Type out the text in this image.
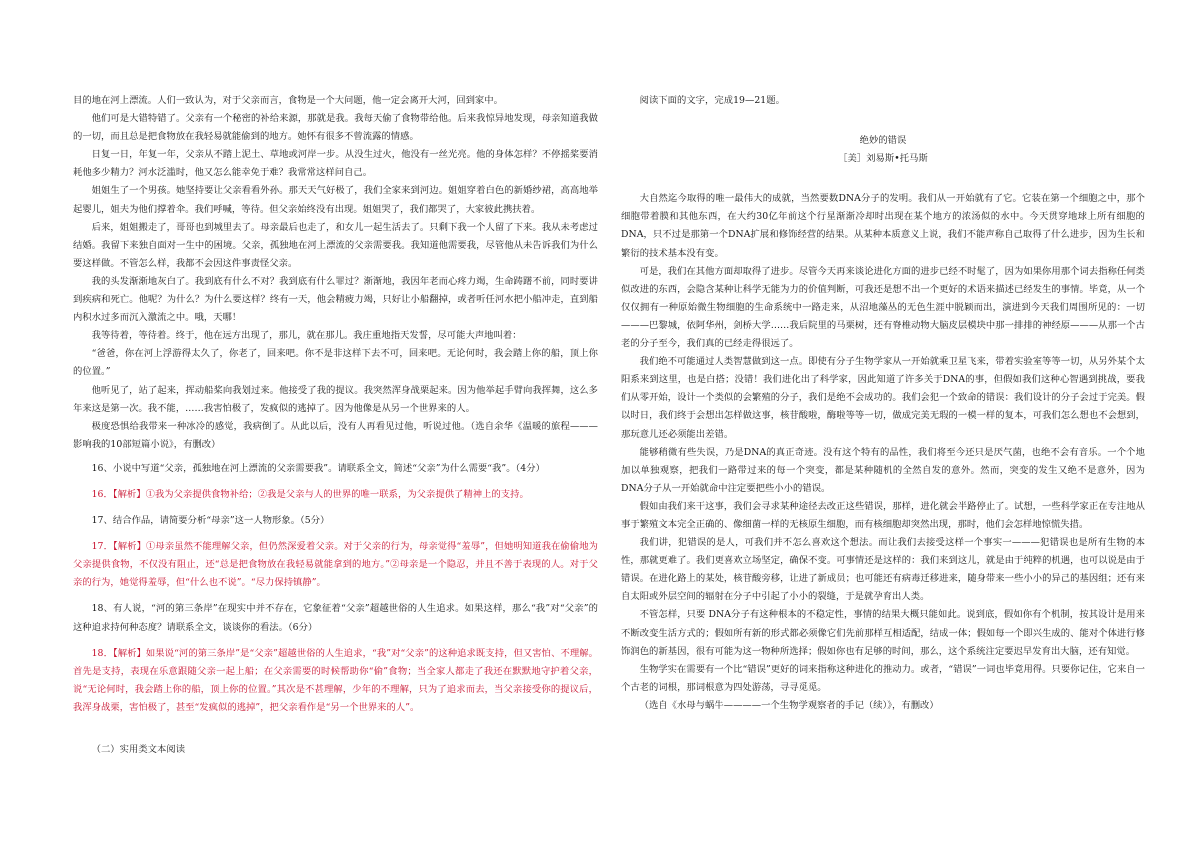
目的地在河上漂流。人们一致认为，对于父亲而言，食物是一个大问题，他一定会离开大河，回到家中。

他们可是大错特错了。父亲有一个秘密的补给来源，那就是我。我每天偷了食物带给他。后来我惊异地发现，母亲知道我做的一切，而且总是把食物放在我轻易就能偷到的地方。她怀有很多不曾流露的情感。

日复一日，年复一年，父亲从不踏上泥土、草地或河岸一步。从没生过火，他没有一丝光亮。他的身体怎样？不停摇桨要消耗他多少精力？河水泛滥时，他又怎么能幸免于难？我常常这样问自己。

姐姐生了一个男孩。她坚持要让父亲看看外孙。那天天气好极了，我们全家来到河边。姐姐穿着白色的新婚纱裙，高高地举起婴儿，姐夫为他们撑着伞。我们呼喊，等待。但父亲始终没有出现。姐姐哭了，我们都哭了，大家彼此携扶着。

后来，姐姐搬走了，哥哥也到城里去了。母亲最后也走了，和女儿一起生活去了。只剩下我一个人留了下来。我从未考虑过结婚。我留下来独自面对一生中的困境。父亲，孤独地在河上漂流的父亲需要我。我知道他需要我，尽管他从未告诉我们为什么要这样做。不管怎么样，我都不会因这件事责怪父亲。

我的头发渐渐地灰白了。我到底有什么不对？我到底有什么罪过？渐渐地，我因年老而心疼力竭，生命踌躇不前，同时要讲到疾病和死亡。他呢？为什么？为什么要这样？终有一天，他会精疲力竭，只好让小船翻掉，或者听任河水把小船冲走，直到船内积水过多而沉入激流之中。哦，天哪！

我等待着，等待着。终于，他在远方出现了，那儿，就在那儿。我庄重地指天发誓，尽可能大声地叫着：

“爸爸，你在河上浮游得太久了，你老了，回来吧。你不是非这样下去不可，回来吧。无论何时，我会踏上你的船，顶上你的位置。”

他听见了，站了起来，挥动船桨向我划过来。他接受了我的提议。我突然浑身战栗起来。因为他举起手臂向我挥舞，这么多年来这是第一次。我不能，……我害怕极了，发疯似的逃掉了。因为他像是从另一个世界来的人。

极度恐惧给我带来一种冰冷的感觉，我病倒了。从此以后，没有人再看见过他，听说过他。（选自余华《温暖的旅程———影响我的10部短篇小说》，有删改）

16、小说中写道“父亲，孤独地在河上漂流的父亲需要我”。请联系全文，简述“父亲”为什么需要“我”。（4分）

16．【解析】①我为父亲提供食物补给；②我是父亲与人的世界的唯一联系，为父亲提供了精神上的支持。

17、结合作品，请简要分析“母亲”这一人物形象。（5分）

17．【解析】①母亲虽然不能理解父亲，但仍然深爱着父亲。对于父亲的行为，母亲觉得“羞辱”，但她明知道我在偷偷地为父亲提供食物，不仅没有阻止，还“总是把食物放在我轻易就能拿到的地方。”②母亲是一个隐忍，并且不善于表现的人。对于父亲的行为，她觉得羞辱，但“什么也不说”。“尽力保持镇静”。

18、有人说，“河的第三条岸”在现实中并不存在，它象征着“父亲”超越世俗的人生追求。如果这样，那么“我”对“父亲”的这种追求持何种态度？请联系全文，谈谈你的看法。（6分）

18．【解析】如果说“河的第三条岸”是“父亲”超越世俗的人生追求，“我”对“父亲”的这种追求既支持，但又害怕、不理解。首先是支持，表现在乐意跟随父亲一起上船；在父亲需要的时候帮助你“偷”食物；当全家人都走了我还在默默地守护着父亲，说“无论何时，我会踏上你的船，顶上你的位置。”其次是不甚理解，少年的不理解，只为了追求而去，当父亲接受你的提议后，我浑身战栗，害怕极了，甚至“发疯似的逃掉”，把父亲看作是“另一个世界来的人”。

（二）实用类文本阅读

阅读下面的文字，完成19—21题。

绝妙的错误

［美］刘易斯•托马斯

大自然迄今取得的唯一最伟大的成就，当然要数DNA分子的发明。我们从一开始就有了它。它装在第一个细胞之中，那个细胞带着膜和其他东西，在大约30亿年前这个行星渐渐冷却时出现在某个地方的浓汤似的水中。今天贯穿地球上所有细胞的DNA，只不过是那第一个DNA扩展和修饰经营的结果。从某种本质意义上说，我们不能声称自己取得了什么进步，因为生长和繁衍的技术基本没有变。

可是，我们在其他方面却取得了进步。尽管今天再来谈论进化方面的进步已经不时髦了，因为如果你用那个词去指称任何类似改进的东西，会隐含某种让科学无能为力的价值判断，可我还是想不出一个更好的术语来描述已经发生的事情。毕竟，从一个仅仅拥有一种原始微生物细胞的生命系统中一路走来，从沼地藻丛的无色生涯中脱颖而出，演进到今天我们周围所见的：一切———巴黎城，依阿华州，剑桥大学……我后院里的马栗树，还有脊椎动物大脑皮层模块中那一排排的神经原———从那一个古老的分子至今，我们真的已经走得很远了。

我们绝不可能通过人类智慧做到这一点。即使有分子生物学家从一开始就乘卫星飞来，带着实验室等等一切，从另外某个太阳系来到这里，也是白搭；没错！我们进化出了科学家，因此知道了许多关于DNA的事，但假如我们这种心智遇到挑战，要我们从零开始，设计一个类似的会繁殖的分子，我们是绝不会成功的。我们会犯一个致命的错误：我们设计的分子会过于完美。假以时日，我们终于会想出怎样做这事，核苷酸啦，酶啦等等一切，做成完美无瑕的一模一样的复本，可我们怎么想也不会想到，那玩意儿还必须能出差错。

能够稍微有些失误，乃是DNA的真正奇迹。没有这个特有的品性，我们将至今还只是厌气菌，也绝不会有音乐。一个个地加以单独观察，把我们一路带过来的每一个突变，都是某种随机的全然自发的意外。然而，突变的发生又绝不是意外，因为DNA分子从一开始就命中注定要把些小小的错误。

假如由我们来干这事，我们会寻求某种途径去改正这些错误，那样，进化就会半路停止了。试想，一些科学家正在专注地从事于繁殖文本完全正确的、像细菌一样的无核原生细胞，而有核细胞却突然出现，那时，他们会怎样地惊慌失措。

我们讲，犯错误的是人，可我们并不怎么喜欢这个想法。而让我们去接受这样一个事实一———犯错误也是所有生物的本性，那就更难了。我们更喜欢立场坚定，确保不变。可事情还是这样的：我们来到这儿，就是由于纯粹的机遇，也可以说是由于错误。在进化路上的某处，核苷酸旁移，让进了新成员；也可能还有病毒迁移进来，随身带来一些小小的异己的基因组；还有来自太阳或外层空间的辐射在分子中引起了小小的裂缝，于是就孕育出人类。

不管怎样，只要 DNA分子有这种根本的不稳定性，事情的结果大概只能如此。说到底，假如你有个机制，按其设计是用来不断改变生活方式的；假如所有新的形式都必须像它们先前那样互相适配，结成一体；假如每一个即兴生成的、能对个体进行修饰润色的新基因，很有可能为这一物种所选择；假如你也有足够的时间，那么，这个系统注定要迟早发育出大脑，还有知觉。

生物学实在需要有一个比“错误”更好的词来指称这种进化的推动力。或者，“错误”一词也毕竟用得。只要你记住，它来自一个古老的词根，那词根意为四处游荡，寻寻觅觅。

（选自《水母与蜗牛————一个生物学观察者的手记（续）》，有删改）
